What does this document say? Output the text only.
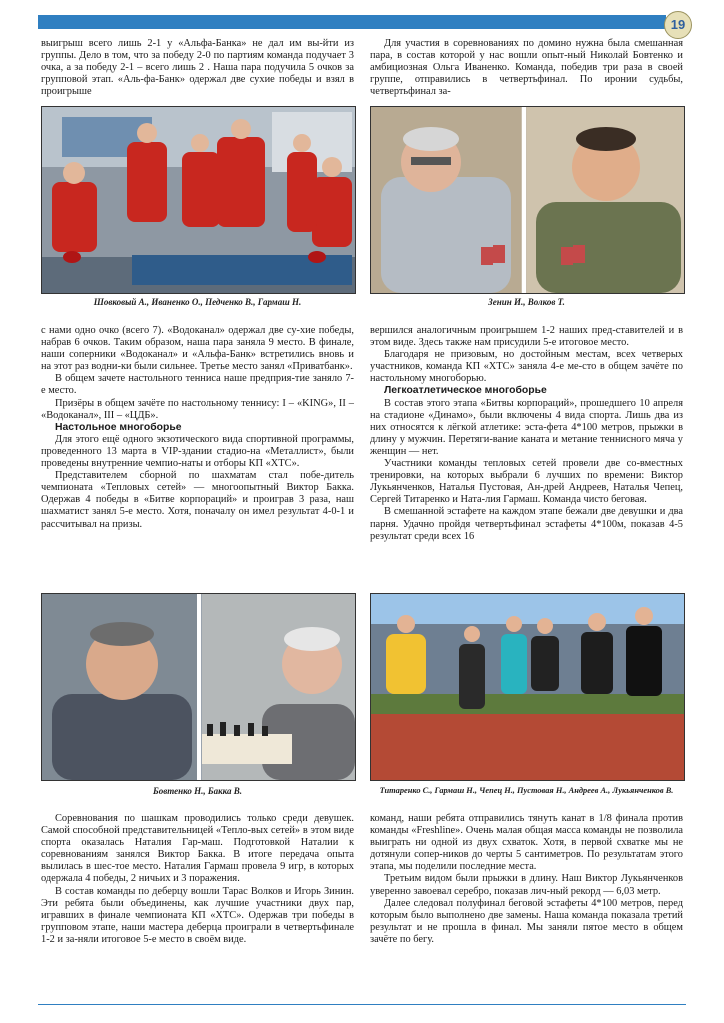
19

выигрыш всего лишь 2-1 у «Альфа-Банка» не дал им вы-йти из группы. Дело в том, что за победу 2-0 по партиям команда подучает 3 очка, а за победу 2-1 – всего лишь 2 . Наша пара подучила 5 очков за групповой этап. «Аль-фа-Банк» одержал две сухие победы и взял в проигрыше

Для участия в соревнованиях по домино нужна была смешанная пара, в состав которой у нас вошли опыт-ный Николай Бовтенко и амбициозная Ольга Иваненко. Команда, победив три раза в своей группе, отправились в четвертьфинал. По иронии судьбы, четвертьфинал за-

Шовковый А., Иваненко О., Педченко В., Гармаш Н.	Зенин И., Волков Т.

с нами одно очко (всего 7). «Водоканал» одержал две су-хие победы, набрав 6 очков. Таким образом, наша пара заняла 9 место. В финале, наши соперники «Водоканал» и «Альфа-Банк» встретились вновь и на этот раз водни-ки были сильнее. Третье место занял «Приватбанк».

В общем зачете настольного тенниса наше предприя-тие заняло 7-е место.

Призёры в общем зачёте по настольному теннису: I – «KING», II – «Водоканал», III – «ЦДБ».

Настольное многоборье

Для этого ещё одного экзотического вида спортивной программы, проведенного 13 марта в VIP-здании стадио-на «Металлист», были проведены внутренние чемпио-наты и отборы КП «ХТС».

Представителем сборной по шахматам стал побе-дитель чемпионата «Тепловых сетей» — многоопытный Виктор Бакка. Одержав 4 победы в «Битве корпораций» и проиграв 3 раза, наш шахматист занял 5-е место. Хотя, поначалу он имел результат 4-0-1 и рассчитывал на призы.

вершился аналогичным проигрышем 1-2 наших пред-ставителей и в этом виде. Здесь также нам присудили 5-е итоговое место.

Благодаря не призовым, но достойным местам, всех четверых участников, команда КП «ХТС» заняла 4-е ме-сто в общем зачёте по настольному многоборью.

Легкоатлетическое многоборье

В состав этого этапа «Битвы корпораций», прошедшего 10 апреля на стадионе «Динамо», были включены 4 вида спорта. Лишь два из них относятся к лёгкой атлетике: эста-фета 4*100 метров, прыжки в длину у мужчин. Перетяги-вание каната и метание теннисного мяча у женщин — нет.

Участники команды тепловых сетей провели две со-вместных тренировки, на которых выбрали 6 лучших по времени: Виктор Лукьянченков, Наталья Пустовая, Ан-дрей Андреев, Наталья Чепец, Сергей Титаренко и Ната-лия Гармаш. Команда чисто беговая.

В смешанной эстафете на каждом этапе бежали две девушки и два парня. Удачно пройдя четвертьфинал эстафеты 4*100м, показав 4-5 результат среди всех 16

Бовтенко Н., Бакка В.	Титаренко С., Гармаш Н., Чепец Н., Пустовая Н., Андреев А., Лукьянченков В.

Соревнования по шашкам проводились только среди девушек. Самой способной представительницей «Тепло-вых сетей» в этом виде спорта оказалась Наталия Гар-маш. Подготовкой Наталии к соревнованиям занялся Виктор Бакка. В итоге передача опыта вылилась в шес-тое место. Наталия Гармаш провела 9 игр, в которых одержала 4 победы, 2 ничьих и 3 поражения.

В состав команды по деберцу вошли Тарас Волков и Игорь Зинин. Эти ребята были объединены, как лучшие участники двух пар, игравших в финале чемпионата КП «ХТС». Одержав три победы в групповом этапе, наши мастера деберца проиграли в четвертьфинале 1-2 и за-няли итоговое 5-е место в своём виде.

команд, наши ребята отправились тянуть канат в 1/8 финала против команды «Freshline». Очень малая общая масса команды не позволила выиграть ни одной из двух схваток. Хотя, в первой схватке мы не дотянули сопер-ников до черты 5 сантиметров. По результатам этого этапа, мы поделили последние места.

Третьим видом были прыжки в длину. Наш Виктор Лукьянченков уверенно завоевал серебро, показав лич-ный рекорд — 6,03 метр.

Далее следовал полуфинал беговой эстафеты 4*100 метров, перед которым было выполнено две замены. Наша команда показала третий результат и не прошла в финал. Мы заняли пятое место в общем зачёте по бегу.
